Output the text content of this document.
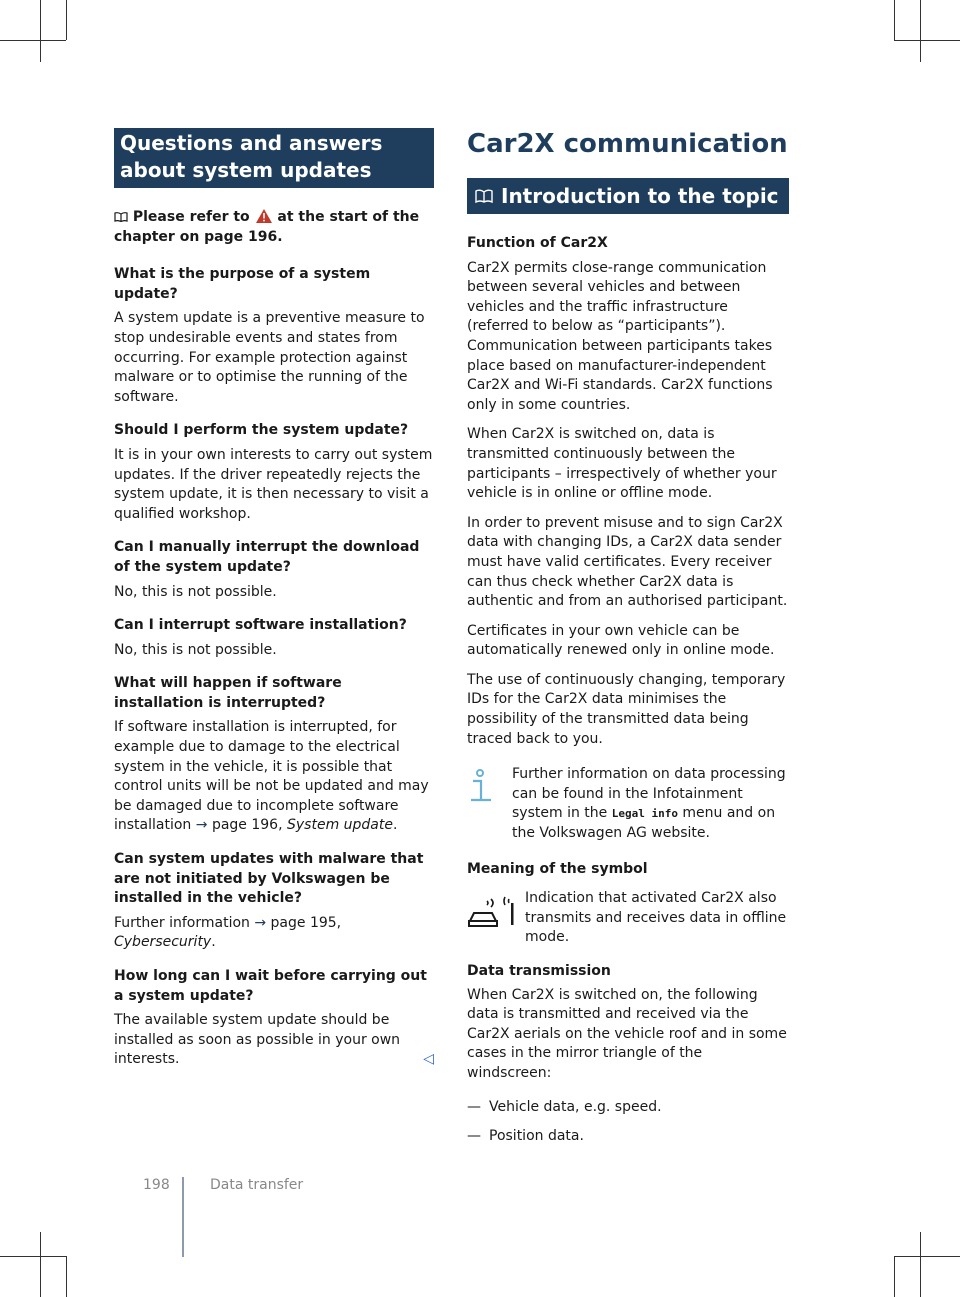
Questions and answers about system updates

Please refer to at the start of the chapter on page 196.

What is the purpose of a system update?

A system update is a preventive measure to stop undesirable events and states from occurring. For example protection against malware or to optimise the running of the software.

Should I perform the system update?

It is in your own interests to carry out system updates. If the driver repeatedly rejects the system update, it is then necessary to visit a qualified workshop.

Can I manually interrupt the download of the system update?

No, this is not possible.

Can I interrupt software installation?

No, this is not possible.

What will happen if software installation is interrupted?

If software installation is interrupted, for example due to damage to the electrical system in the vehicle, it is possible that control units will be not be updated and may be damaged due to incomplete software installation → page 196, System update.

Can system updates with malware that are not initiated by Volkswagen be installed in the vehicle?

Further information → page 195, Cybersecurity.

How long can I wait before carrying out a system update?

The available system update should be installed as soon as possible in your own interests.	◁

Car2X communication
Introduction to the topic
Function of Car2X

Car2X permits close-range communication between several vehicles and between vehicles and the traffic infrastructure (referred to below as “participants”). Communication between participants takes place based on manufacturer-independent Car2X and Wi-Fi standards. Car2X functions only in some countries.

When Car2X is switched on, data is transmitted continuously between the participants – irrespectively of whether your vehicle is in online or offline mode.

In order to prevent misuse and to sign Car2X data with changing IDs, a Car2X data sender must have valid certificates. Every receiver can thus check whether Car2X data is authentic and from an authorised participant.

Certificates in your own vehicle can be automatically renewed only in online mode.

The use of continuously changing, temporary IDs for the Car2X data minimises the possibility of the transmitted data being traced back to you.

Further information on data processing can be found in the Infotainment system in the Legal info menu and on the Volkswagen AG website.

Meaning of the symbol

Indication that activated Car2X also transmits and receives data in offline mode.

Data transmission

When Car2X is switched on, the following data is transmitted and received via the Car2X aerials on the vehicle roof and in some cases in the mirror triangle of the windscreen:

— Vehicle data, e.g. speed.
— Position data.
198	Data transfer
